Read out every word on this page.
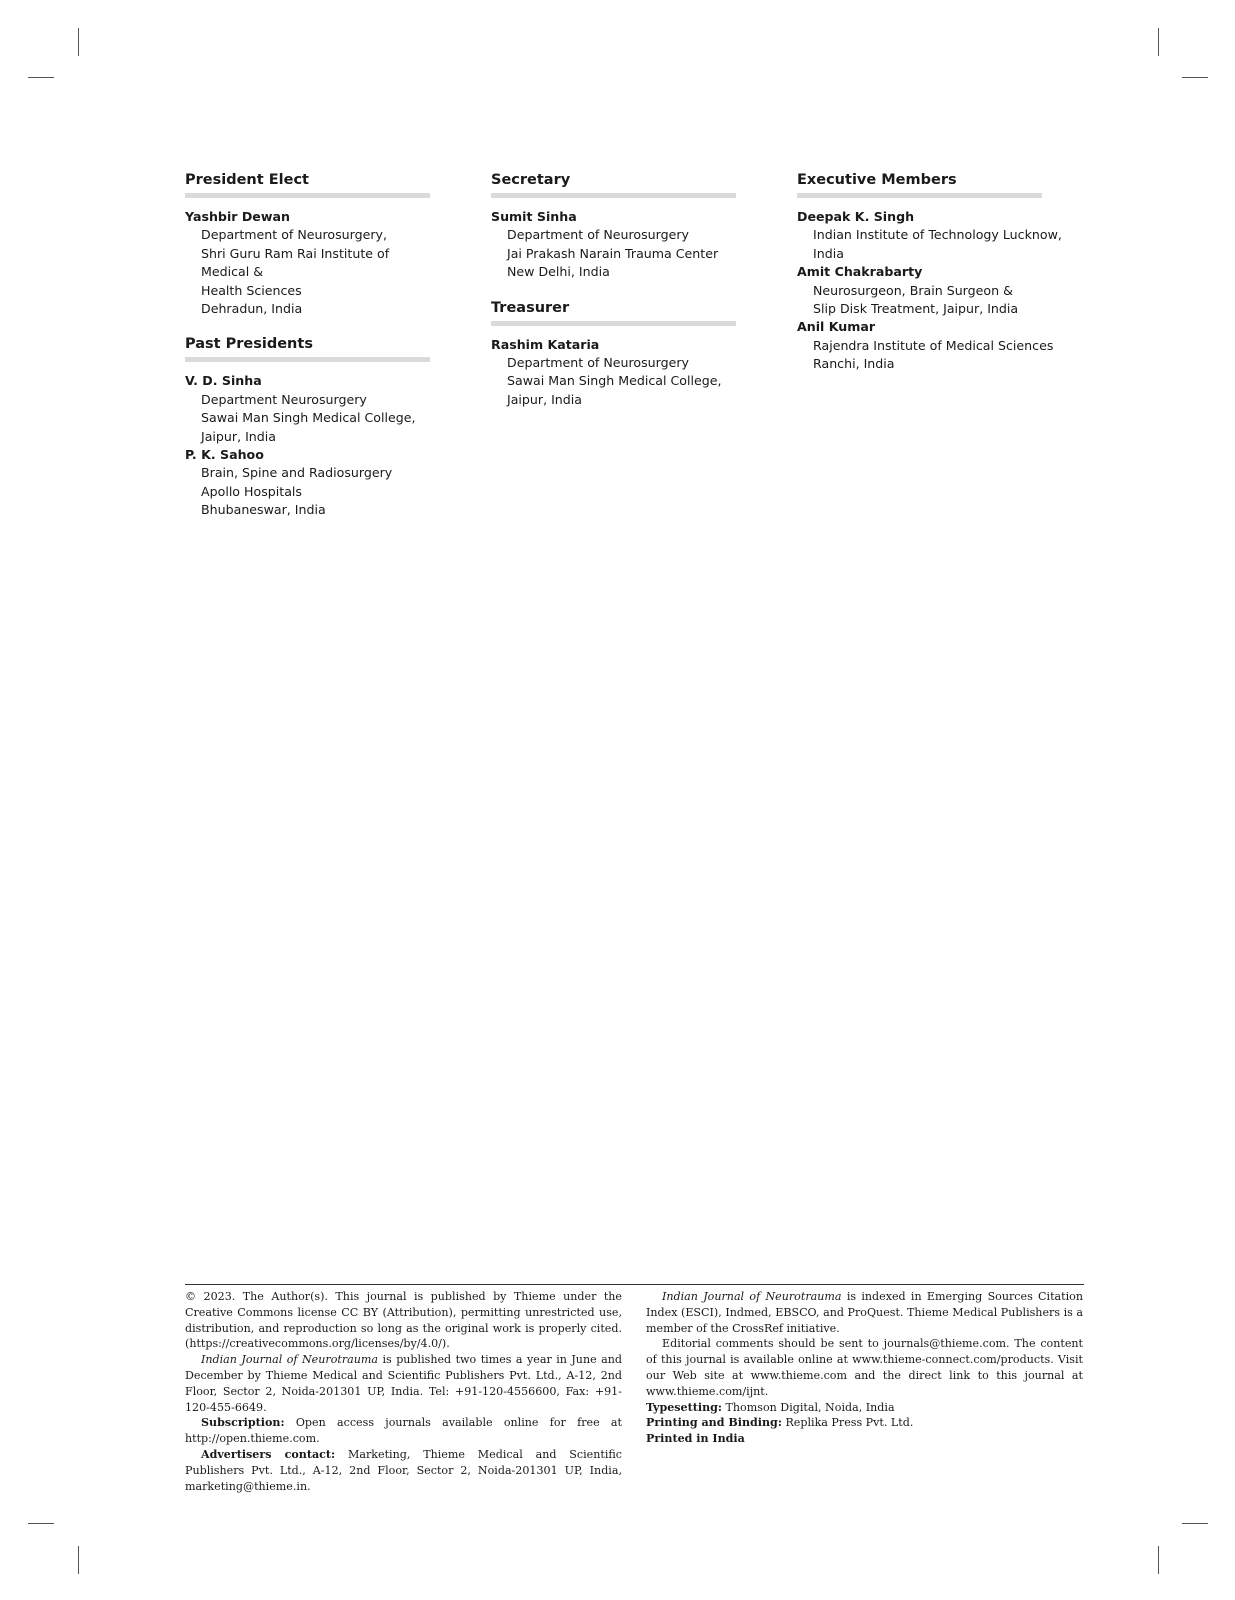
President Elect
Yashbir Dewan
Department of Neurosurgery,
Shri Guru Ram Rai Institute of Medical &
Health Sciences
Dehradun, India
Past Presidents
V. D. Sinha
Department Neurosurgery
Sawai Man Singh Medical College,
Jaipur, India
P. K. Sahoo
Brain, Spine and Radiosurgery
Apollo Hospitals
Bhubaneswar, India
Secretary
Sumit Sinha
Department of Neurosurgery
Jai Prakash Narain Trauma Center
New Delhi, India
Treasurer
Rashim Kataria
Department of Neurosurgery
Sawai Man Singh Medical College,
Jaipur, India
Executive Members
Deepak K. Singh
Indian Institute of Technology Lucknow,
India
Amit Chakrabarty
Neurosurgeon, Brain Surgeon &
Slip Disk Treatment, Jaipur, India
Anil Kumar
Rajendra Institute of Medical Sciences
Ranchi, India

© 2023. The Author(s). This journal is published by Thieme under the Creative Commons license CC BY (Attribution), permitting unrestricted use, distribution, and reproduction so long as the original work is properly cited. (https://creativecommons.org/licenses/by/4.0/).

Indian Journal of Neurotrauma is published two times a year in June and December by Thieme Medical and Scientific Publishers Pvt. Ltd., A-12, 2nd Floor, Sector 2, Noida-201301 UP, India. Tel: +91-120-4556600, Fax: +91-120-455-6649.

Subscription: Open access journals available online for free at http://open.thieme.com.

Advertisers contact: Marketing, Thieme Medical and Scientific Publishers Pvt. Ltd., A-12, 2nd Floor, Sector 2, Noida-201301 UP, India, marketing@thieme.in.

Indian Journal of Neurotrauma is indexed in Emerging Sources Citation Index (ESCI), Indmed, EBSCO, and ProQuest. Thieme Medical Publishers is a member of the CrossRef initiative.

Editorial comments should be sent to journals@thieme.com. The content of this journal is available online at www.thieme-connect.com/products. Visit our Web site at www.thieme.com and the direct link to this journal at www.thieme.com/ijnt.

Typesetting: Thomson Digital, Noida, India

Printing and Binding: Replika Press Pvt. Ltd.

Printed in India
